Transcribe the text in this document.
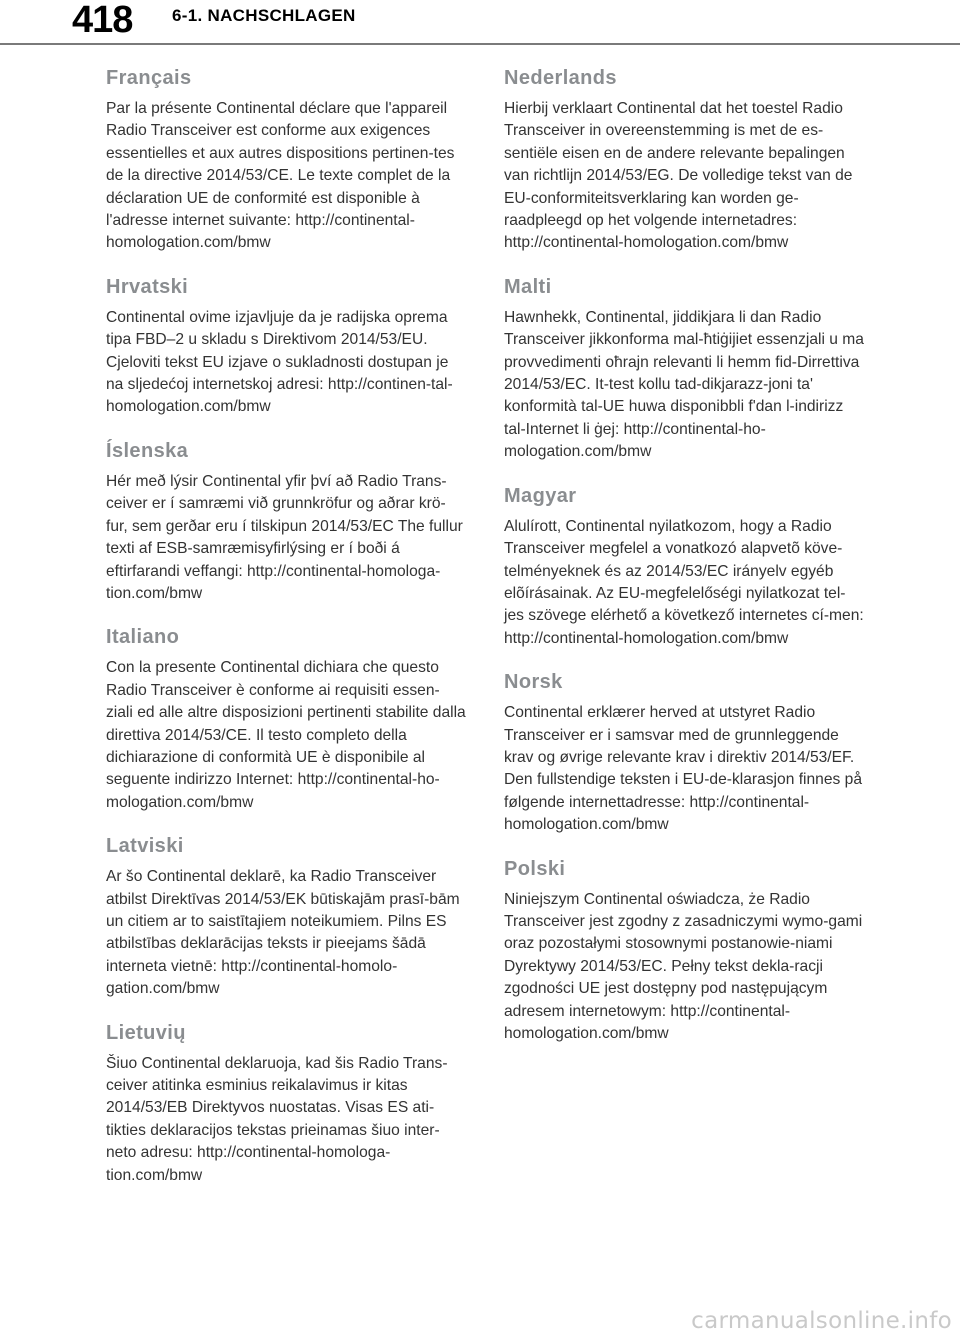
418 6-1. NACHSCHLAGEN
Français

Par la présente Continental déclare que l'appareil Radio Transceiver est conforme aux exigences essentielles et aux autres dispositions pertinen-tes de la directive 2014/53/CE. Le texte complet de la déclaration UE de conformité est disponible à l'adresse internet suivante: http://continental-homologation.com/bmw

Hrvatski

Continental ovime izjavljuje da je radijska oprema tipa FBD–2 u skladu s Direktivom 2014/53/EU. Cjeloviti tekst EU izjave o sukladnosti dostupan je na sljedećoj internetskoj adresi: http://continen-tal-homologation.com/bmw

Íslenska

Hér með lýsir Continental yfir því að Radio Trans-ceiver er í samræmi við grunnkröfur og aðrar krö-fur, sem gerðar eru í tilskipun 2014/53/EC The fullur texti af ESB-samræmisyfirlýsing er í boði á eftirfarandi veffangi: http://continental-homologa-tion.com/bmw

Italiano

Con la presente Continental dichiara che questo Radio Transceiver è conforme ai requisiti essen-ziali ed alle altre disposizioni pertinenti stabilite dalla direttiva 2014/53/CE. Il testo completo della dichiarazione di conformità UE è disponibile al seguente indirizzo Internet: http://continental-ho-mologation.com/bmw

Latviski

Ar šo Continental deklarē, ka Radio Transceiver atbilst Direktīvas 2014/53/EK būtiskajām prasī-bām un citiem ar to saistītajiem noteikumiem. Pilns ES atbilstības deklarācijas teksts ir pieejams šādā interneta vietnē: http://continental-homolo-gation.com/bmw

Lietuvių

Šiuo Continental deklaruoja, kad šis Radio Trans-ceiver atitinka esminius reikalavimus ir kitas 2014/53/EB Direktyvos nuostatas. Visas ES ati-tikties deklaracijos tekstas prieinamas šiuo inter-neto adresu: http://continental-homologa-tion.com/bmw

Nederlands

Hierbij verklaart Continental dat het toestel Radio Transceiver in overeenstemming is met de es-sentiële eisen en de andere relevante bepalingen van richtlijn 2014/53/EG. De volledige tekst van de EU-conformiteitsverklaring kan worden ge-raadpleegd op het volgende internetadres: http://continental-homologation.com/bmw

Malti

Hawnhekk, Continental, jiddikjara li dan Radio Transceiver jikkonforma mal-ħtiġijiet essenzjali u ma provvedimenti oħrajn relevanti li hemm fid-Dirrettiva 2014/53/EC. It-test kollu tad-dikjarazz-joni ta' konformità tal-UE huwa disponibbli f'dan l-indirizz tal-Internet li ġej: http://continental-ho-mologation.com/bmw

Magyar

Alulírott, Continental nyilatkozom, hogy a Radio Transceiver megfelel a vonatkozó alapvetõ köve-telményeknek és az 2014/53/EC irányelv egyéb elõírásainak. Az EU-megfelelőségi nyilatkozat tel-jes szövege elérhető a következő internetes cí-men: http://continental-homologation.com/bmw

Norsk

Continental erklærer herved at utstyret Radio Transceiver er i samsvar med de grunnleggende krav og øvrige relevante krav i direktiv 2014/53/EF. Den fullstendige teksten i EU-de-klarasjon finnes på følgende internettadresse: http://continental-homologation.com/bmw

Polski

Niniejszym Continental oświadcza, że Radio Transceiver jest zgodny z zasadniczymi wymo-gami oraz pozostałymi stosownymi postanowie-niami Dyrektywy 2014/53/EC. Pełny tekst dekla-racji zgodności UE jest dostępny pod następującym adresem internetowym: http://continental-homologation.com/bmw

carmanualsonline.info
